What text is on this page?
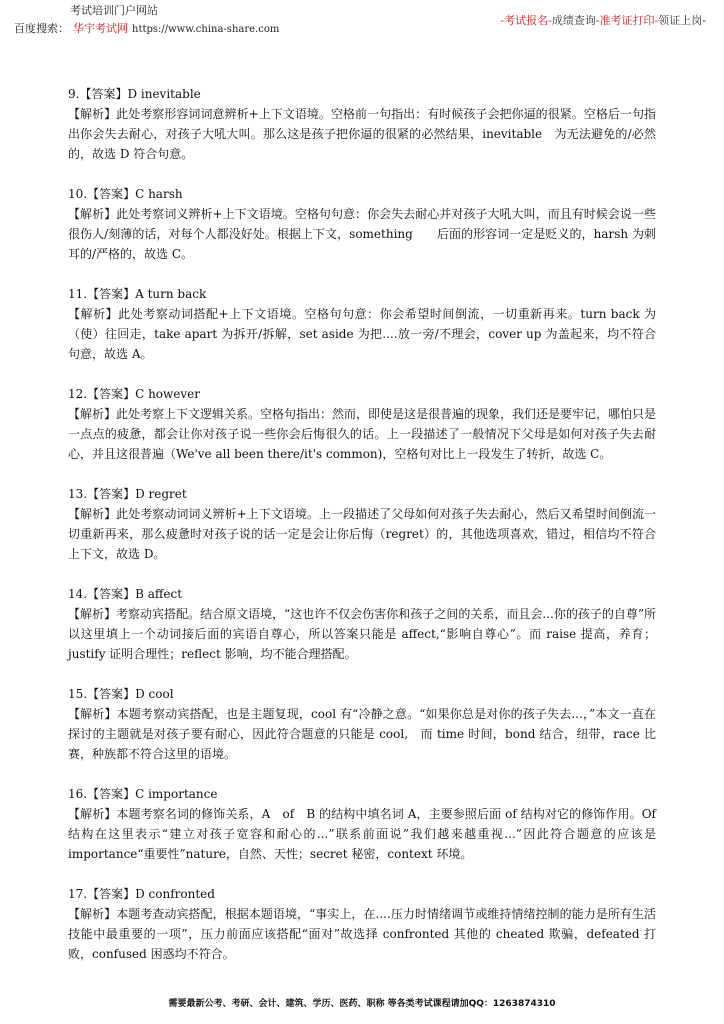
考试培训门户网站
百度搜索： 华宇考试网 https://www.china-share.com
-考试报名-成绩查询-准考证打印-领证上岗-
9.【答案】D inevitable
【解析】此处考察形容词词意辨析+上下文语境。空格前一句指出：有时候孩子会把你逼的很紧。空格后一句指出你会失去耐心，对孩子大吼大叫。那么这是孩子把你逼的很紧的必然结果，inevitable　为无法避免的/必然的，故选 D 符合句意。
10.【答案】C harsh
【解析】此处考察词义辨析+上下文语境。空格句句意：你会失去耐心并对孩子大吼大叫，而且有时候会说一些很伤人/刻薄的话，对每个人都没好处。根据上下文，something　　后面的形容词一定是贬义的，harsh 为刺耳的/严格的，故选 C。
11.【答案】A turn back
【解析】此处考察动词搭配+上下文语境。空格句句意：你会希望时间倒流，一切重新再来。turn back 为（使）往回走，take apart 为拆开/拆解，set aside 为把....放一旁/不理会，cover up 为盖起来，均不符合句意，故选 A。
12.【答案】C however
【解析】此处考察上下文逻辑关系。空格句指出：然而，即使是这是很普遍的现象，我们还是要牢记，哪怕只是一点点的疲惫，都会让你对孩子说一些你会后悔很久的话。上一段描述了一般情况下父母是如何对孩子失去耐心，并且这很普遍（We've all been there/it's common)，空格句对比上一段发生了转折，故选 C。
13.【答案】D regret
【解析】此处考察动词词义辨析+上下文语境。上一段描述了父母如何对孩子失去耐心，然后又希望时间倒流一切重新再来，那么疲惫时对孩子说的话一定是会让你后悔（regret）的，其他选项喜欢，错过，相信均不符合上下文，故选 D。
14.【答案】B affect
【解析】考察动宾搭配。结合原文语境，“这也许不仅会伤害你和孩子之间的关系，而且会...你的孩子的自尊”所以这里填上一个动词接后面的宾语自尊心，所以答案只能是 affect,“影响自尊心”。而 raise 提高，养育；justify 证明合理性；reflect 影响，均不能合理搭配。
15.【答案】D cool
【解析】本题考察动宾搭配，也是主题复现，cool 有“冷静之意。“如果你总是对你的孩子失去...，”本文一直在探讨的主题就是对孩子要有耐心，因此符合题意的只能是 cool,　而 time 时间，bond 结合，纽带，race 比赛，种族都不符合这里的语境。
16.【答案】C importance
【解析】本题考察名词的修饰关系，A　of　B 的结构中填名词 A，主要参照后面 of 结构对它的修饰作用。Of 结构在这里表示“建立对孩子宽容和耐心的...”联系前面说”我们越来越重视...”因此符合题意的应该是 importance“重要性”nature，自然、天性；secret 秘密，context 环境。
17.【答案】D confronted
【解析】本题考查动宾搭配，根据本题语境，“事实上，在....压力时情绪调节或维持情绪控制的能力是所有生活技能中最重要的一项”，压力前面应该搭配“面对”故选择 confronted 其他的 cheated 欺骗，defeated 打败，confused 困惑均不符合。
需要最新公考、考研、会计、建筑、学历、医药、职称 等各类考试课程请加QQ：1263874310
